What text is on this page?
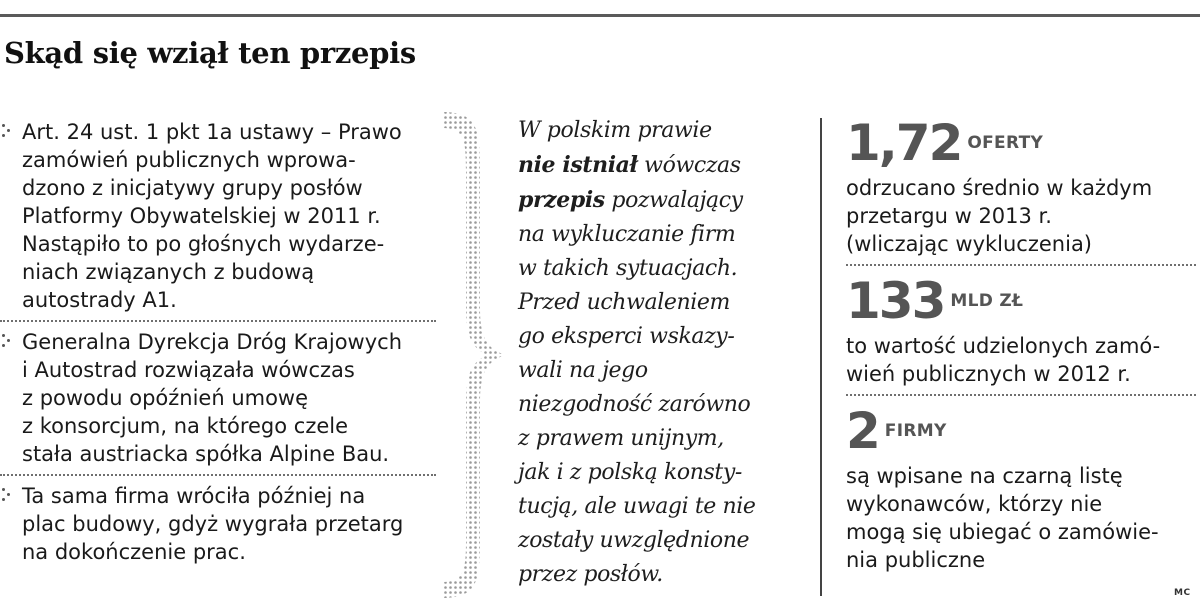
Skąd się wziął ten przepis
Art. 24 ust. 1 pkt 1a ustawy – Prawo
zamówień publicznych wprowa-
dzono z inicjatywy grupy posłów
Platformy Obywatelskiej w 2011 r.
Nastąpiło to po głośnych wydarze-
niach związanych z budową
autostrady A1.
Generalna Dyrekcja Dróg Krajowych
i Autostrad rozwiązała wówczas
z powodu opóźnień umowę
z konsorcjum, na którego czele
stała austriacka spółka Alpine Bau.
Ta sama firma wróciła później na
plac budowy, gdyż wygrała przetarg
na dokończenie prac.
W polskim prawie
nie istniał wówczas
przepis pozwalający
na wykluczanie firm
w takich sytuacjach.
Przed uchwaleniem
go eksperci wskazy-
wali na jego
niezgodność zarówno
z prawem unijnym,
jak i z polską konsty-
tucją, ale uwagi te nie
zostały uwzględnione
przez posłów.
1,72 OFERTY
odrzucano średnio w każdym
przetargu w 2013 r.
(wliczając wykluczenia)
133 MLD ZŁ
to wartość udzielonych zamó-
wień publicznych w 2012 r.
2 FIRMY
są wpisane na czarną listę
wykonawców, którzy nie
mogą się ubiegać o zamówie-
nia publiczne
MC
